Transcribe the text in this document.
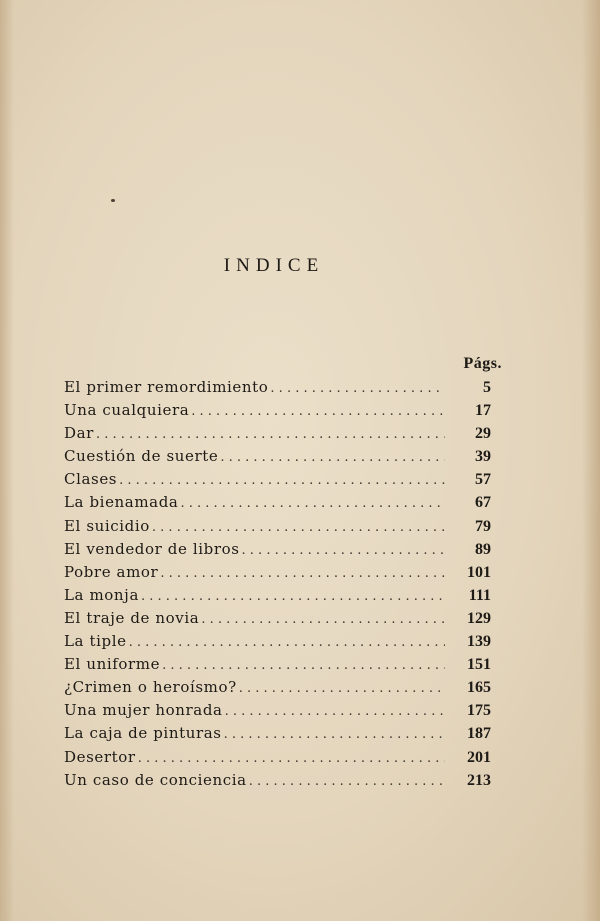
INDICE
Págs.
El primer remordimiento . . .	5
Una cualquiera . . .	17
Dar . . .	29
Cuestión de suerte . . .	39
Clases . . .	57
La bienamada . . .	67
El suicidio . . .	79
El vendedor de libros . . .	89
Pobre amor . . .	101
La monja . . .	111
El traje de novia . . .	129
La tiple . . .	139
El uniforme . . .	151
¿Crimen o heroísmo? . . .	165
Una mujer honrada . . .	175
La caja de pinturas . . .	187
Desertor . . .	201
Un caso de conciencia . . .	213
